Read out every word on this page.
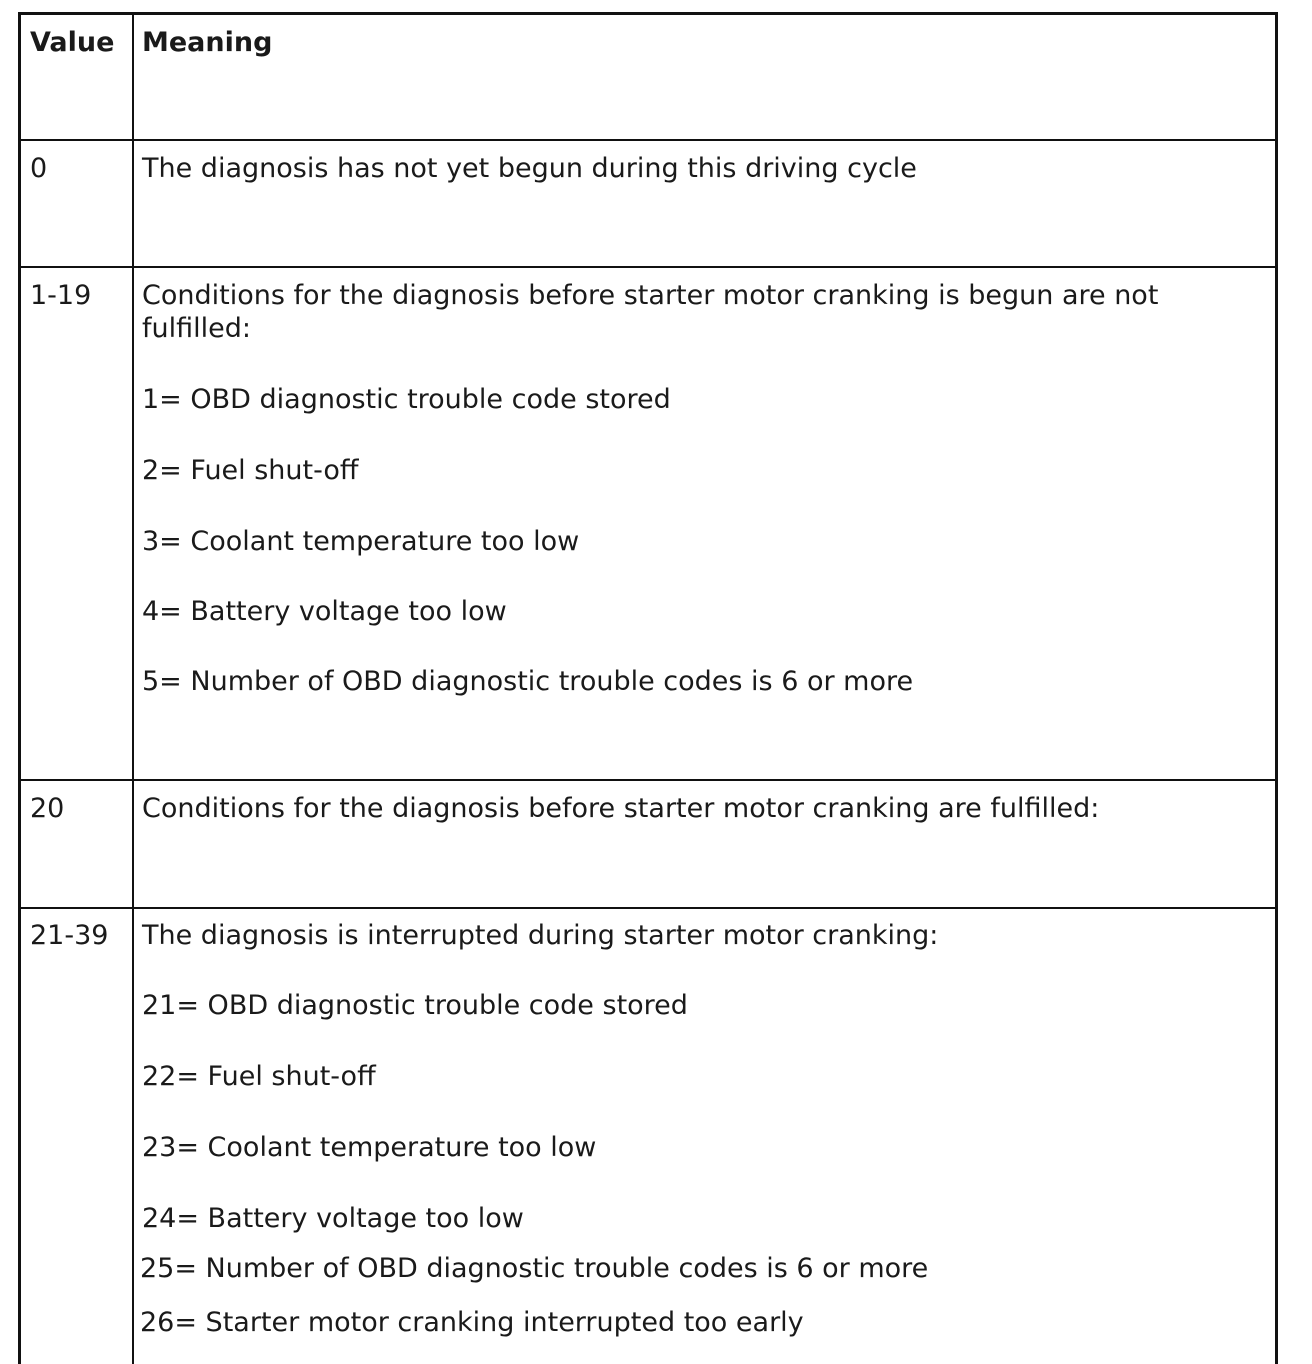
Value Meaning
0	The diagnosis has not yet begun during this driving cycle
1-19 Conditions for the diagnosis before starter motor cranking is begun are not
fulfilled:
1= OBD diagnostic trouble code stored
2= Fuel shut-off
3= Coolant temperature too low
4= Battery voltage too low
5= Number of OBD diagnostic trouble codes is 6 or more
20	Conditions for the diagnosis before starter motor cranking are fulfilled:
21-39 The diagnosis is interrupted during starter motor cranking:
21= OBD diagnostic trouble code stored
22= Fuel shut-off
23= Coolant temperature too low
24= Battery voltage too low
25= Number of OBD diagnostic trouble codes is 6 or more
26= Starter motor cranking interrupted too early
